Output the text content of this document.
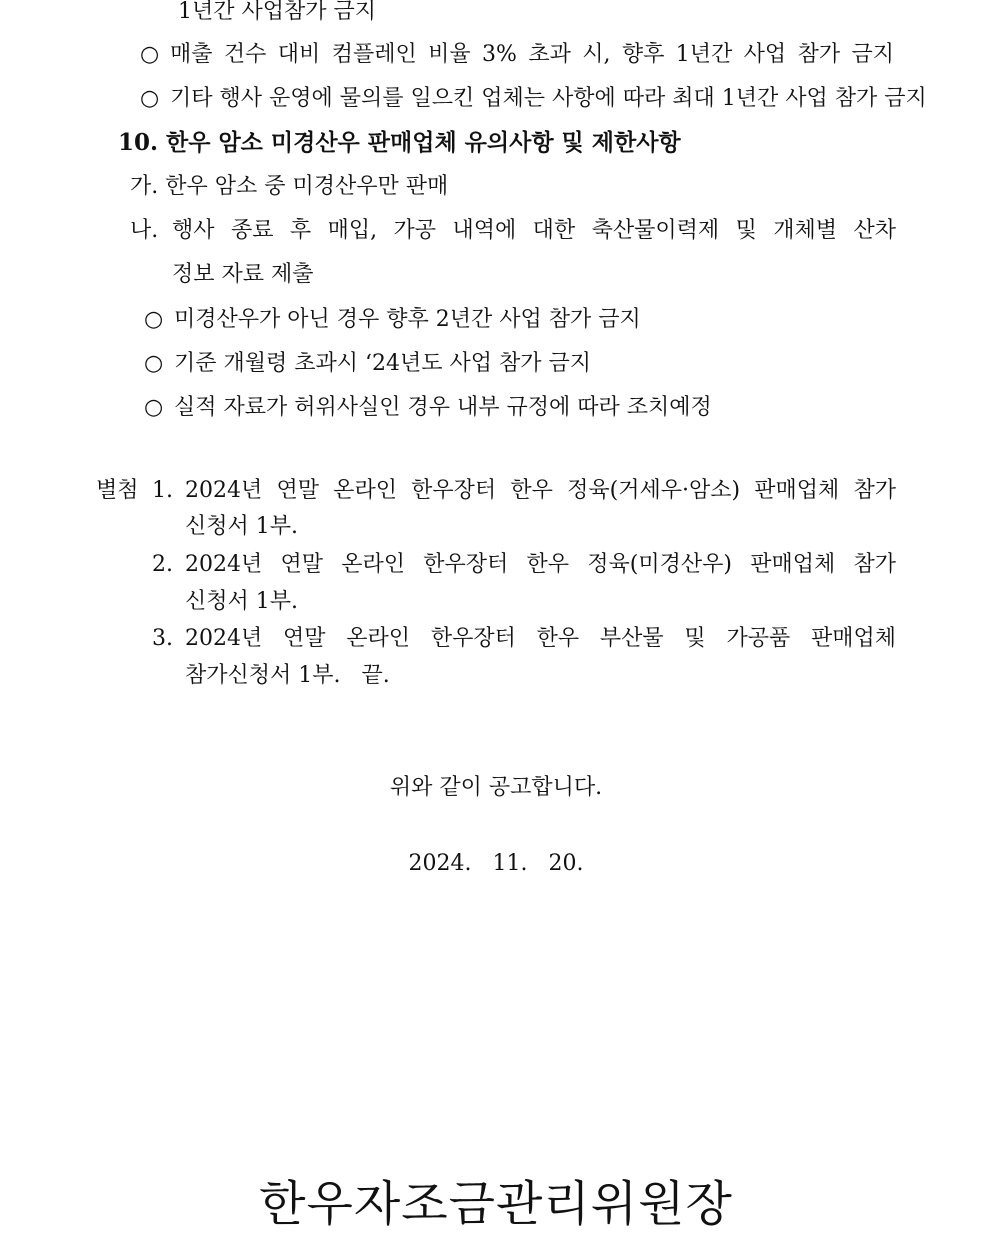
1년간 사업참가 금지
○ 매출 건수 대비 컴플레인 비율 3% 초과 시, 향후 1년간 사업 참가 금지
○ 기타 행사 운영에 물의를 일으킨 업체는 사항에 따라 최대 1년간 사업 참가 금지
10. 한우 암소 미경산우 판매업체 유의사항 및 제한사항
가. 한우 암소 중 미경산우만 판매
나. 행사 종료 후 매입, 가공 내역에 대한 축산물이력제 및 개체별 산차
정보 자료 제출
○ 미경산우가 아닌 경우 향후 2년간 사업 참가 금지
○ 기준 개월령 초과시 ‘24년도 사업 참가 금지
○ 실적 자료가 허위사실인 경우 내부 규정에 따라 조치예정
별첨 1. 2024년 연말 온라인 한우장터 한우 정육(거세우·암소) 판매업체 참가
신청서 1부.
2. 2024년 연말 온라인 한우장터 한우 정육(미경산우) 판매업체 참가
신청서 1부.
3. 2024년 연말 온라인 한우장터 한우 부산물 및 가공품 판매업체
참가신청서 1부.   끝.
위와 같이 공고합니다.
2024.   11.   20.
한우자조금관리위원장
